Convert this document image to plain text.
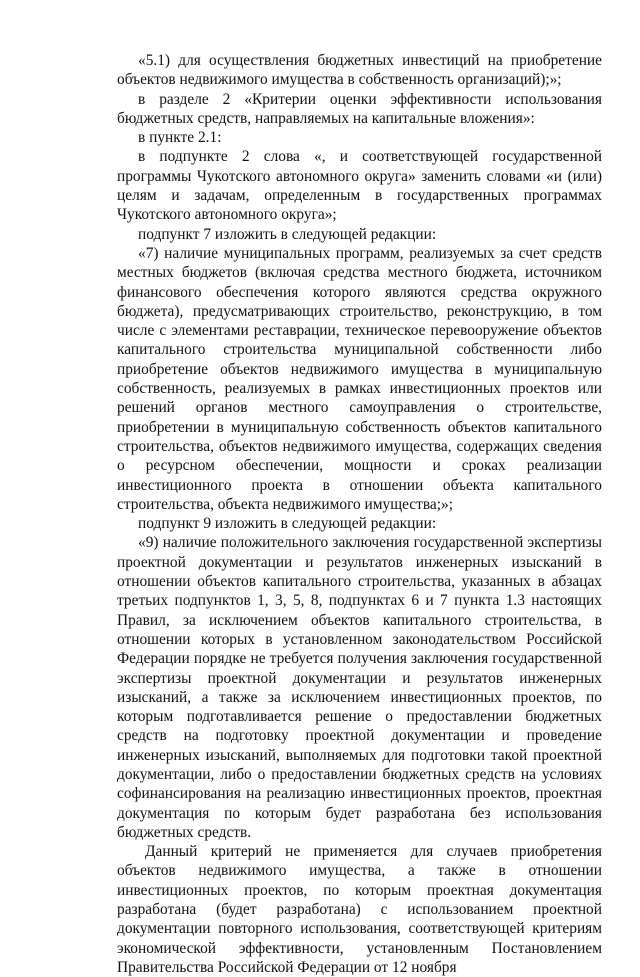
«5.1) для осуществления бюджетных инвестиций на приобретение объектов недвижимого имущества в собственность организаций);»;

в разделе 2 «Критерии оценки эффективности использования бюджетных средств, направляемых на капитальные вложения»:

в пункте 2.1:

в подпункте 2 слова «, и соответствующей государственной программы Чукотского автономного округа» заменить словами «и (или) целям и задачам, определенным в государственных программах Чукотского автономного округа»;

подпункт 7 изложить в следующей редакции:

«7) наличие муниципальных программ, реализуемых за счет средств местных бюджетов (включая средства местного бюджета, источником финансового обеспечения которого являются средства окружного бюджета), предусматривающих строительство, реконструкцию, в том числе с элементами реставрации, техническое перевооружение объектов капитального строительства муниципальной собственности либо приобретение объектов недвижимого имущества в муниципальную собственность, реализуемых в рамках инвестиционных проектов или решений органов местного самоуправления о строительстве, приобретении в муниципальную собственность объектов капитального строительства, объектов недвижимого имущества, содержащих сведения о ресурсном обеспечении, мощности и сроках реализации инвестиционного проекта в отношении объекта капитального строительства, объекта недвижимого имущества;»;

подпункт 9 изложить в следующей редакции:

«9) наличие положительного заключения государственной экспертизы проектной документации и результатов инженерных изысканий в отношении объектов капитального строительства, указанных в абзацах третьих подпунктов 1, 3, 5, 8, подпунктах 6 и 7 пункта 1.3 настоящих Правил, за исключением объектов капитального строительства, в отношении которых в установленном законодательством Российской Федерации порядке не требуется получения заключения государственной экспертизы проектной документации и результатов инженерных изысканий, а также за исключением инвестиционных проектов, по которым подготавливается решение о предоставлении бюджетных средств на подготовку проектной документации и проведение инженерных изысканий, выполняемых для подготовки такой проектной документации, либо о предоставлении бюджетных средств на условиях софинансирования на реализацию инвестиционных проектов, проектная документация по которым будет разработана без использования бюджетных средств.

Данный критерий не применяется для случаев приобретения объектов недвижимого имущества, а также в отношении инвестиционных проектов, по которым проектная документация разработана (будет разработана) с использованием проектной документации повторного использования, соответствующей критериям экономической эффективности, установленным Постановлением Правительства Российской Федерации от 12 ноября
